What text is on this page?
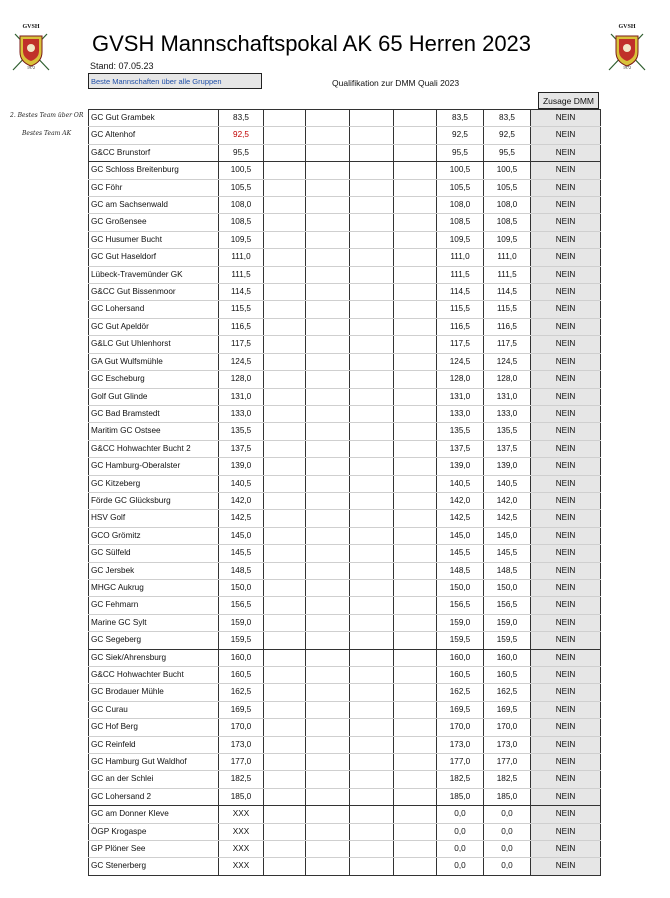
GVSH
1972
GVSH
1972
GVSH Mannschaftspokal AK 65 Herren 2023
Stand: 07.05.23
Beste Mannschaften über alle Gruppen	Qualifikation zur DMM Quali 2023
Zusage DMM
2. Bestes Team über OR
Bestes Team AK
GC Gut Grambek	83,5					83,5	83,5	NEIN
GC Altenhof	92,5					92,5	92,5	NEIN
G&CC Brunstorf	95,5					95,5	95,5	NEIN
GC Schloss Breitenburg	100,5					100,5	100,5	NEIN
GC Föhr	105,5					105,5	105,5	NEIN
GC am Sachsenwald	108,0					108,0	108,0	NEIN
GC Großensee	108,5					108,5	108,5	NEIN
GC Husumer Bucht	109,5					109,5	109,5	NEIN
GC Gut Haseldorf	111,0					111,0	111,0	NEIN
Lübeck-Travemünder GK	111,5					111,5	111,5	NEIN
G&CC Gut Bissenmoor	114,5					114,5	114,5	NEIN
GC Lohersand	115,5					115,5	115,5	NEIN
GC Gut Apeldör	116,5					116,5	116,5	NEIN
G&LC Gut Uhlenhorst	117,5					117,5	117,5	NEIN
GA Gut Wulfsmühle	124,5					124,5	124,5	NEIN
GC Escheburg	128,0					128,0	128,0	NEIN
Golf Gut Glinde	131,0					131,0	131,0	NEIN
GC Bad Bramstedt	133,0					133,0	133,0	NEIN
Maritim GC Ostsee	135,5					135,5	135,5	NEIN
G&CC Hohwachter Bucht 2	137,5					137,5	137,5	NEIN
GC Hamburg-Oberalster	139,0					139,0	139,0	NEIN
GC Kitzeberg	140,5					140,5	140,5	NEIN
Förde GC Glücksburg	142,0					142,0	142,0	NEIN
HSV Golf	142,5					142,5	142,5	NEIN
GCO Grömitz	145,0					145,0	145,0	NEIN
GC Sülfeld	145,5					145,5	145,5	NEIN
GC Jersbek	148,5					148,5	148,5	NEIN
MHGC Aukrug	150,0					150,0	150,0	NEIN
GC Fehmarn	156,5					156,5	156,5	NEIN
Marine GC Sylt	159,0					159,0	159,0	NEIN
GC Segeberg	159,5					159,5	159,5	NEIN
GC Siek/Ahrensburg	160,0					160,0	160,0	NEIN
G&CC Hohwachter Bucht	160,5					160,5	160,5	NEIN
GC Brodauer Mühle	162,5					162,5	162,5	NEIN
GC Curau	169,5					169,5	169,5	NEIN
GC Hof Berg	170,0					170,0	170,0	NEIN
GC Reinfeld	173,0					173,0	173,0	NEIN
GC Hamburg Gut Waldhof	177,0					177,0	177,0	NEIN
GC an der Schlei	182,5					182,5	182,5	NEIN
GC Lohersand 2	185,0					185,0	185,0	NEIN
GC am Donner Kleve	XXX					0,0	0,0	NEIN
ÖGP Krogaspe	XXX					0,0	0,0	NEIN
GP Plöner See	XXX					0,0	0,0	NEIN
GC Stenerberg	XXX					0,0	0,0	NEIN
